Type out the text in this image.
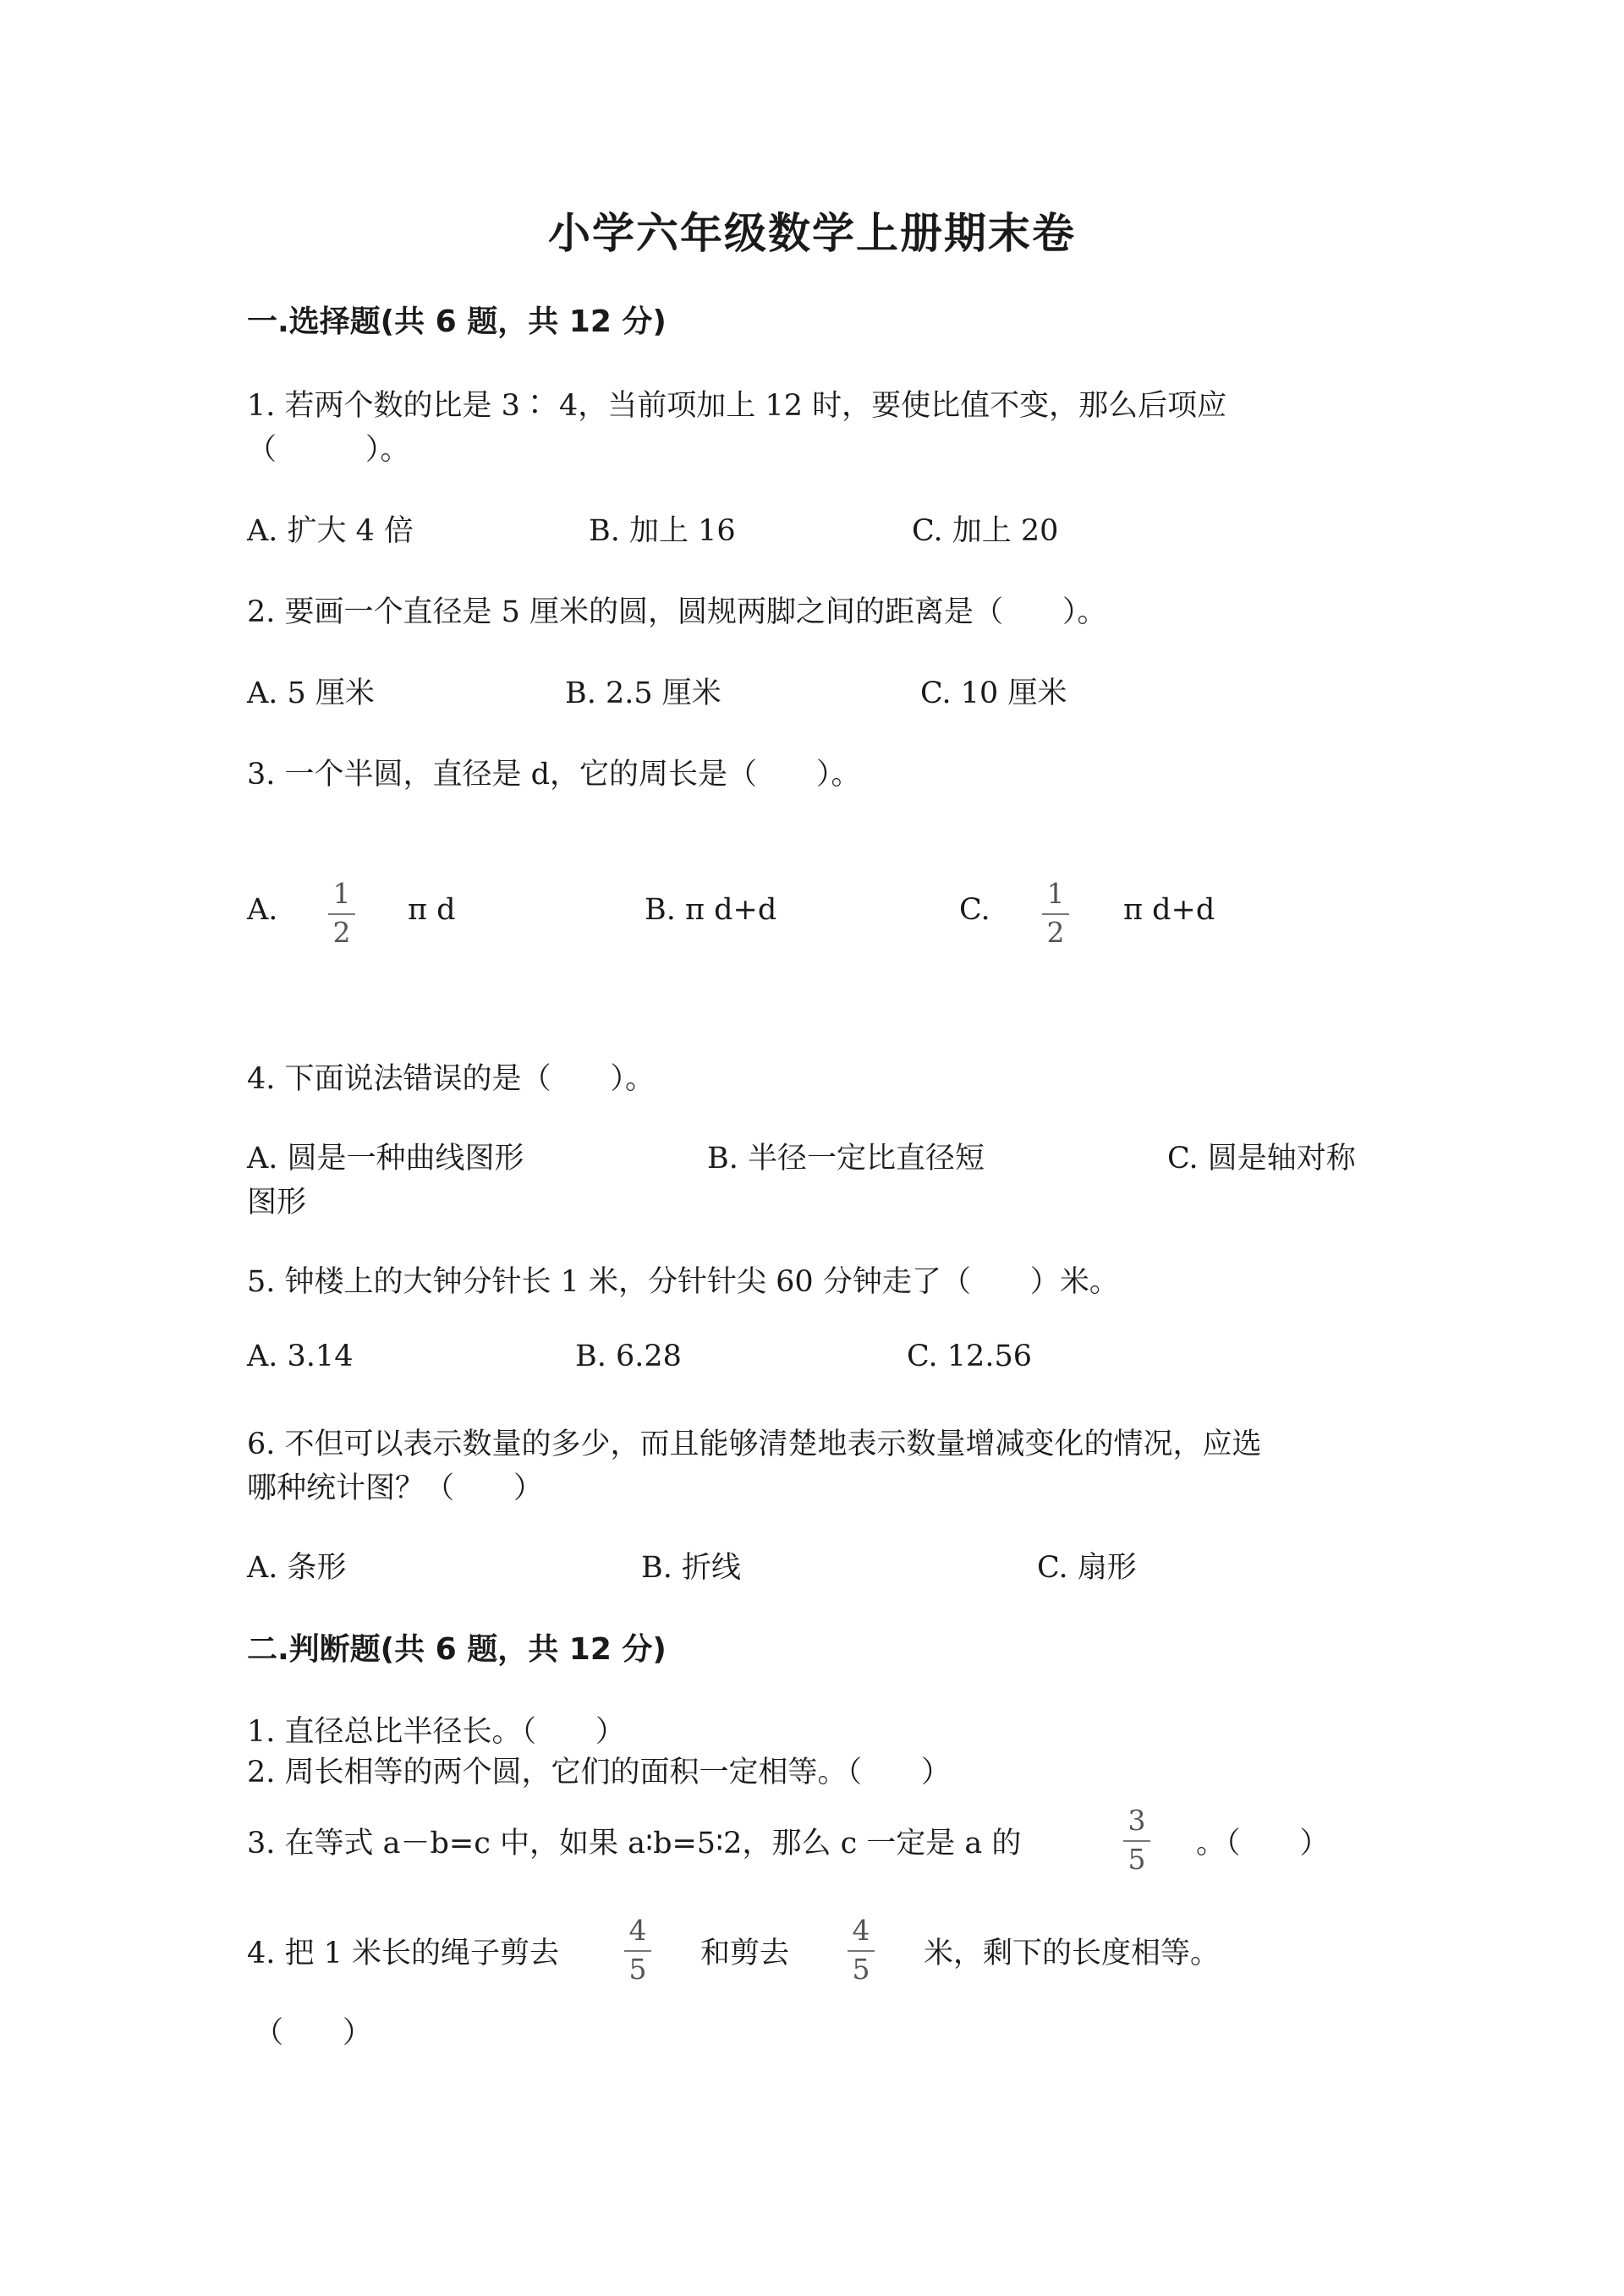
小学六年级数学上册期末卷
一.选择题(共 6 题，共 12 分)
1. 若两个数的比是 3∶ 4，当前项加上 12 时，要使比值不变，那么后项应
（　　　）。
A. 扩大 4 倍	B. 加上 16	C. 加上 20
2. 要画一个直径是 5 厘米的圆，圆规两脚之间的距离是（　　）。
A. 5 厘米	B. 2.5 厘米	C. 10 厘米
3. 一个半圆，直径是 d，它的周长是（　　）。
A.	1
2
π d	B. π d+d	C.	1
2
π d+d
4. 下面说法错误的是（　　）。
A. 圆是一种曲线图形	B. 半径一定比直径短	C. 圆是轴对称
图形
5. 钟楼上的大钟分针长 1 米，分针针尖 60 分钟走了（　　）米。
A. 3.14	B. 6.28	C. 12.56
6. 不但可以表示数量的多少，而且能够清楚地表示数量增减变化的情况，应选
哪种统计图？（　　）
A. 条形	B. 折线	C. 扇形
二.判断题(共 6 题，共 12 分)
1. 直径总比半径长。（　　）
2. 周长相等的两个圆，它们的面积一定相等。（　　）
3. 在等式 a－b=c 中，如果 a∶b=5∶2，那么 c 一定是 a 的
3
5	。（　　）
4. 把 1 米长的绳子剪去
4
5	和剪去
4
5	米，剩下的长度相等。
（　　）
